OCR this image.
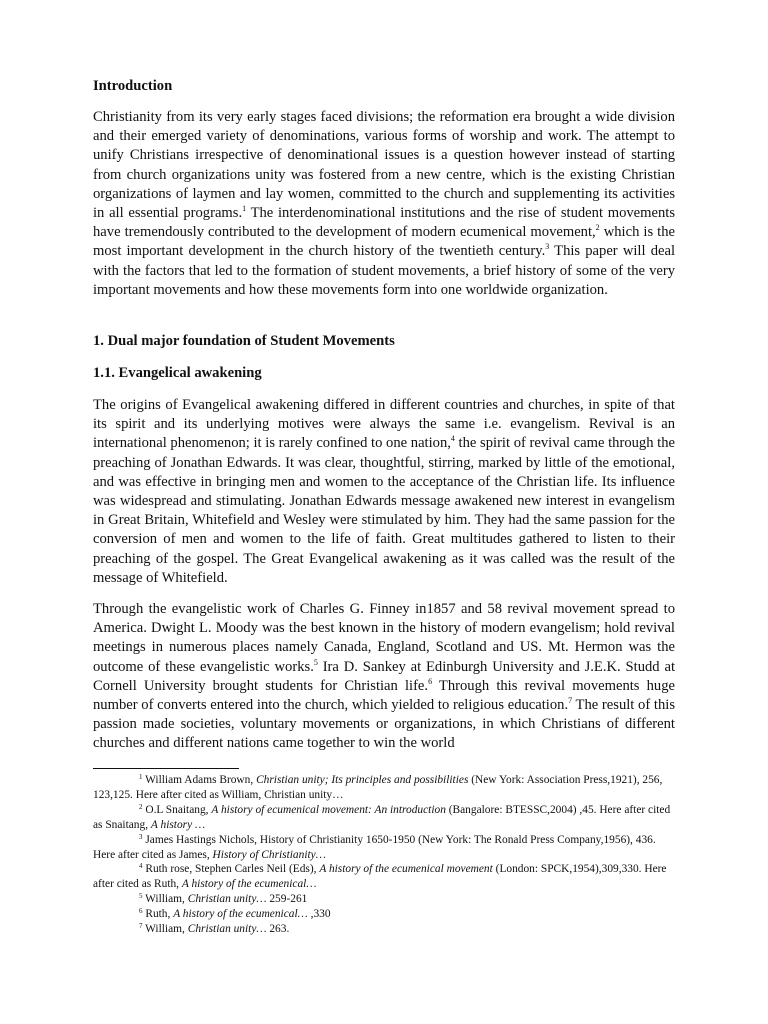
Introduction

Christianity from its very early stages faced divisions; the reformation era brought a wide division and their emerged variety of denominations, various forms of worship and work. The attempt to unify Christians irrespective of denominational issues is a question however instead of starting from church organizations unity was fostered from a new centre, which is the existing Christian organizations of laymen and lay women, committed to the church and supplementing its activities in all essential programs.$^1$ The interdenominational institutions and the rise of student movements have tremendously contributed to the development of modern ecumenical movement,$^2$ which is the most important development in the church history of the twentieth century.$^3$ This paper will deal with the factors that led to the formation of student movements, a brief history of some of the very important movements and how these movements form into one worldwide organization.

1. Dual major foundation of Student Movements
1.1. Evangelical awakening

The origins of Evangelical awakening differed in different countries and churches, in spite of that its spirit and its underlying motives were always the same i.e. evangelism. Revival is an international phenomenon; it is rarely confined to one nation,$^4$ the spirit of revival came through the preaching of Jonathan Edwards. It was clear, thoughtful, stirring, marked by little of the emotional, and was effective in bringing men and women to the acceptance of the Christian life. Its influence was widespread and stimulating. Jonathan Edwards message awakened new interest in evangelism in Great Britain, Whitefield and Wesley were stimulated by him. They had the same passion for the conversion of men and women to the life of faith. Great multitudes gathered to listen to their preaching of the gospel. The Great Evangelical awakening as it was called was the result of the message of Whitefield.

Through the evangelistic work of Charles G. Finney in1857 and 58 revival movement spread to America. Dwight L. Moody was the best known in the history of modern evangelism; hold revival meetings in numerous places namely Canada, England, Scotland and US. Mt. Hermon was the outcome of these evangelistic works.$^5$ Ira D. Sankey at Edinburgh University and J.E.K. Studd at Cornell University brought students for Christian life.$^6$ Through this revival movements huge number of converts entered into the church, which yielded to religious education.$^7$ The result of this passion made societies, voluntary movements or organizations, in which Christians of different churches and different nations came together to win the world

$^1$ William Adams Brown, Christian unity; Its principles and possibilities (New York: Association Press,1921), 256, 123,125. Here after cited as William, Christian unity…

$^2$ O.L Snaitang, A history of ecumenical movement: An introduction (Bangalore: BTESSC,2004) ,45. Here after cited as Snaitang, A history …

$^3$ James Hastings Nichols, History of Christianity 1650-1950 (New York: The Ronald Press Company,1956), 436. Here after cited as James, History of Christianity…

$^4$ Ruth rose, Stephen Carles Neil (Eds), A history of the ecumenical movement (London: SPCK,1954),309,330. Here after cited as Ruth, A history of the ecumenical…

$^5$ William, Christian unity… 259-261

$^6$ Ruth, A history of the ecumenical… ,330

$^7$ William, Christian unity… 263.
